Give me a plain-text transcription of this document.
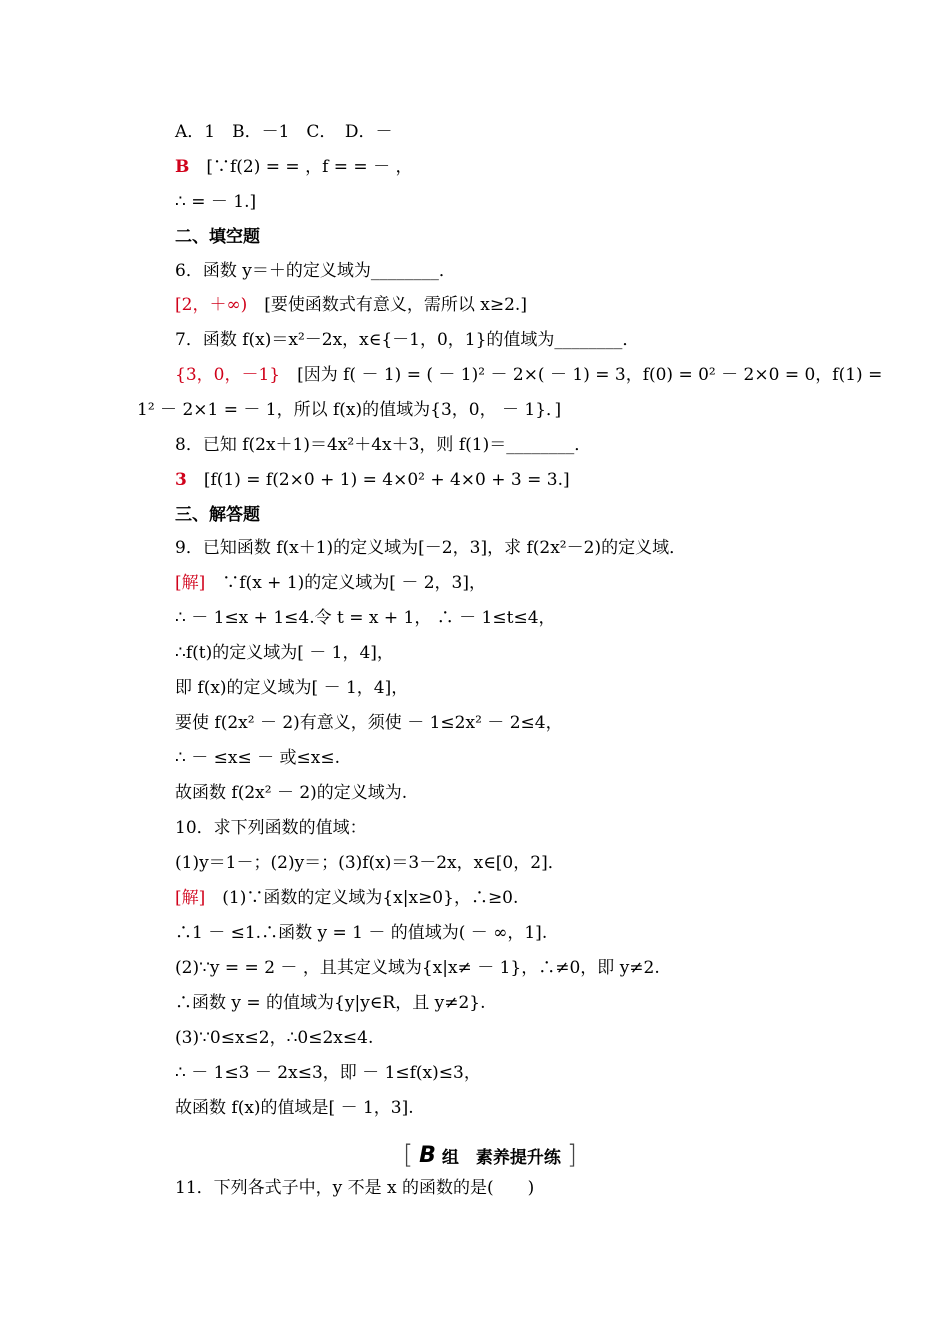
A．1　B．－1　C．　D．－
B　 [∵f(2) = = ，f = = － ，
∴ = － 1.]
二、填空题
6．函数 y＝＋的定义域为________．
[2，＋∞)　 [要使函数式有意义，需所以 x≥2.]
7．函数 f(x)＝x²－2x，x∈{－1，0，1}的值域为________．
{3，0，－1}　 [因为 f( － 1) = ( － 1)² － 2×( － 1) = 3，f(0) = 0² － 2×0 = 0，f(1) =
1² － 2×1 = － 1，所以 f(x)的值域为{3，0， － 1}．]
8．已知 f(2x＋1)＝4x²＋4x＋3，则 f(1)＝________．
3　 [f(1) = f(2×0 + 1) = 4×0² + 4×0 + 3 = 3.]
三、解答题
9．已知函数 f(x＋1)的定义域为[－2，3]，求 f(2x²－2)的定义域．
[解]　 ∵f(x + 1)的定义域为[ － 2，3]，
∴ － 1≤x + 1≤4.令 t = x + 1， ∴ － 1≤t≤4，
∴f(t)的定义域为[ － 1，4]，
即 f(x)的定义域为[ － 1，4]，
要使 f(2x² － 2)有意义，须使 － 1≤2x² － 2≤4，
∴ － ≤x≤ － 或≤x≤.
故函数 f(2x² － 2)的定义域为.
10．求下列函数的值域：
(1)y＝1－；(2)y＝；(3)f(x)＝3－2x，x∈[0，2]．
[解]　 (1)∵函数的定义域为{x|x≥0}，∴≥0.
∴1 － ≤1.∴函数 y = 1 － 的值域为( － ∞，1].
(2)∵y = = 2 － ，且其定义域为{x|x≠ － 1}，∴≠0，即 y≠2.
∴函数 y = 的值域为{y|y∈R，且 y≠2}.
(3)∵0≤x≤2，∴0≤2x≤4.
∴ － 1≤3 － 2x≤3，即 － 1≤f(x)≤3，
故函数 f(x)的值域是[ － 1，3].
11．下列各式子中，y 不是 x 的函数的是(　　)
[ B 组　素养提升练 ]
